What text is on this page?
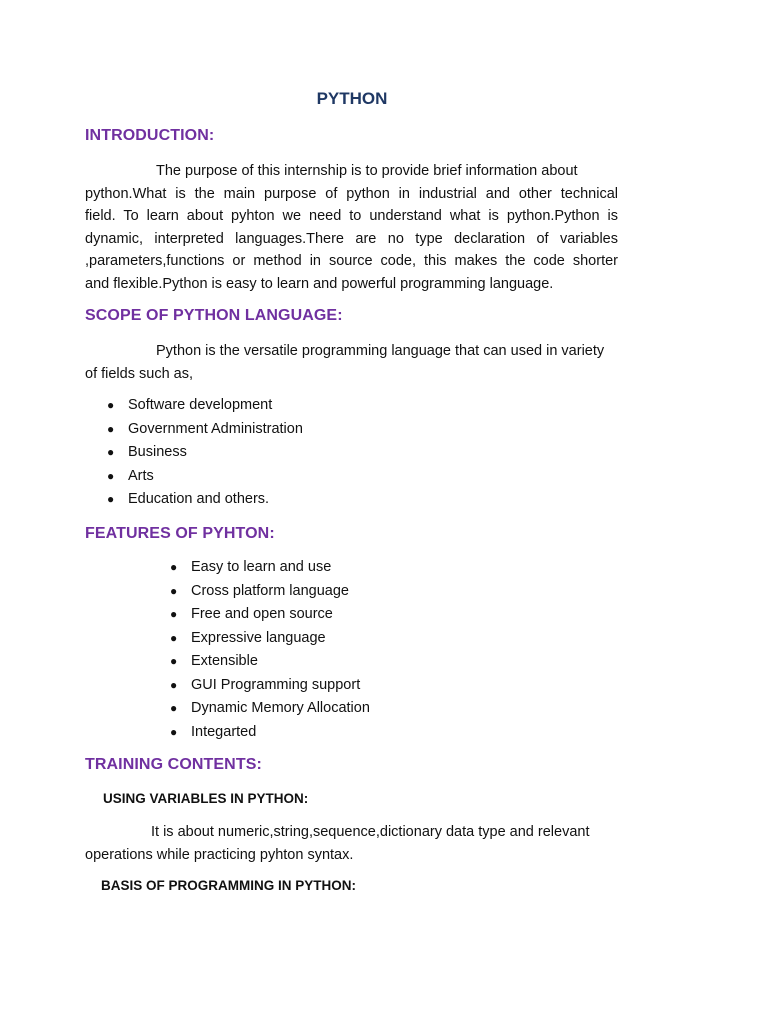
PYTHON
INTRODUCTION:
The purpose of this internship is to provide brief information about
python.What is the main purpose of python in industrial and other technical
field. To learn about pyhton we need to understand what is python.Python is
dynamic, interpreted languages.There are no type declaration of variables
,parameters,functions or method in source code, this makes the code shorter
and flexible.Python is easy to learn and powerful programming language.
SCOPE OF PYTHON LANGUAGE:
Python is the versatile programming language that can used in variety
of fields such as,
● Software development
● Government Administration
● Business
● Arts
● Education and others.
FEATURES OF PYHTON:
● Easy to learn and use
● Cross platform language
● Free and open source
● Expressive language
● Extensible
● GUI Programming support
● Dynamic Memory Allocation
● Integarted
TRAINING CONTENTS:
USING VARIABLES IN PYTHON:
It is about numeric,string,sequence,dictionary data type and relevant
operations while practicing pyhton syntax.
BASIS OF PROGRAMMING IN PYTHON:
